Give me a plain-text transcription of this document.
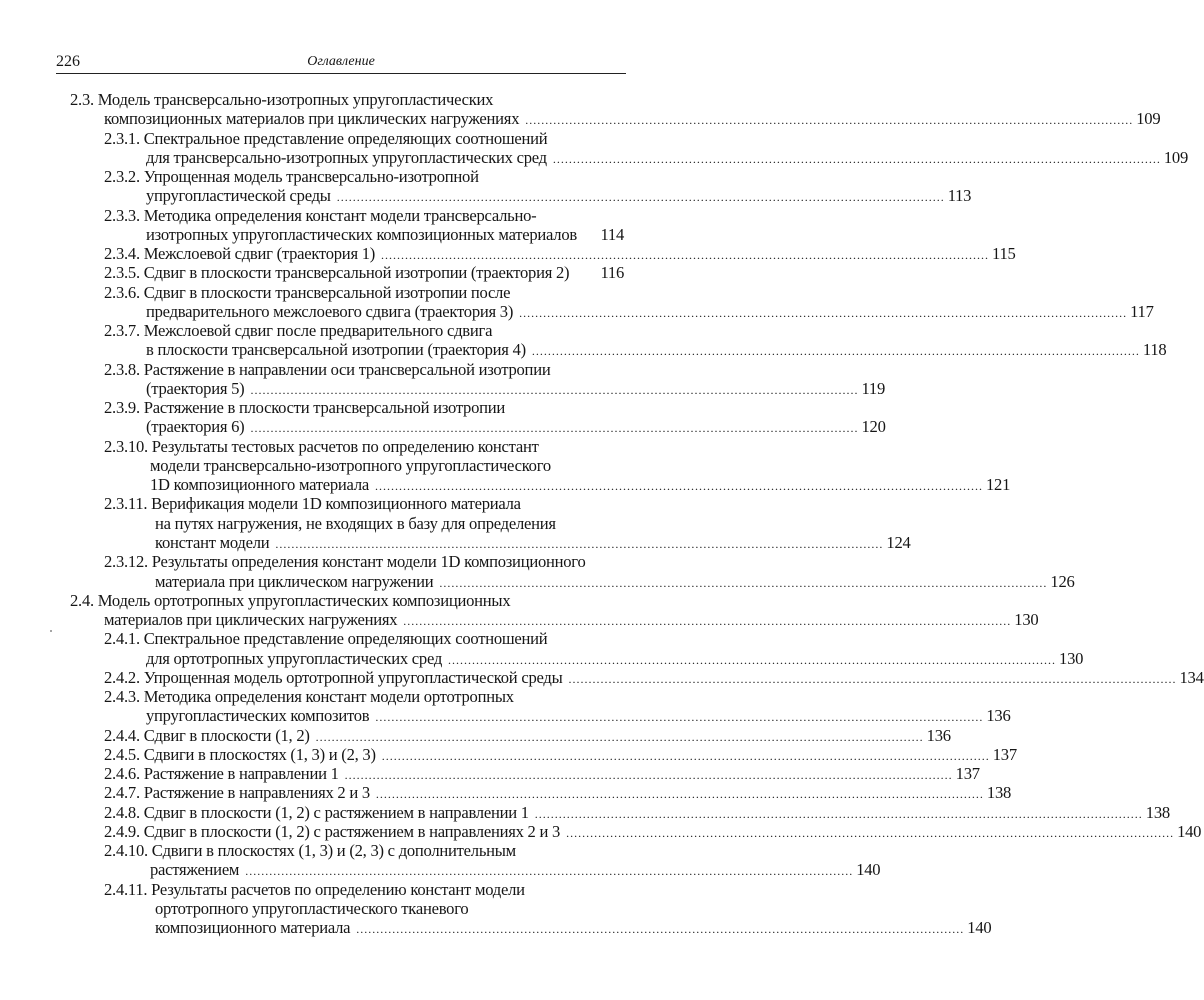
226	Оглавление
2.3. Модель трансверсально-изотропных упругопластических
композиционных материалов при циклических нагружениях .....	109
2.3.1. Спектральное представление определяющих соотношений
для трансверсально-изотропных упругопластических сред .....	109
2.3.2. Упрощенная модель трансверсально-изотропной
упругопластической среды .....	113
2.3.3. Методика определения констант модели трансверсально-
изотропных упругопластических композиционных материалов 114
2.3.4. Межслоевой сдвиг (траектория 1) .....	115
2.3.5. Сдвиг в плоскости трансверсальной изотропии (траектория 2) 116
2.3.6. Сдвиг в плоскости трансверсальной изотропии после
предварительного межслоевого сдвига (траектория 3) .....	117
2.3.7. Межслоевой сдвиг после предварительного сдвига
в плоскости трансверсальной изотропии (траектория 4) .....	118
2.3.8. Растяжение в направлении оси трансверсальной изотропии
(траектория 5) .....	119
2.3.9. Растяжение в плоскости трансверсальной изотропии
(траектория 6) .....	120
2.3.10. Результаты тестовых расчетов по определению констант
модели трансверсально-изотропного упругопластического
1D композиционного материала .....	121
2.3.11. Верификация модели 1D композиционного материала
на путях нагружения, не входящих в базу для определения
констант модели .....	124
2.3.12. Результаты определения констант модели 1D композиционного
материала при циклическом нагружении .....	126
2.4. Модель ортотропных упругопластических композиционных
материалов при циклических нагружениях .....	130
2.4.1. Спектральное представление определяющих соотношений
для ортотропных упругопластических сред .....	130
2.4.2. Упрощенная модель ортотропной упругопластической среды .....	134
2.4.3. Методика определения констант модели ортотропных
упругопластических композитов .....	136
2.4.4. Сдвиг в плоскости (1, 2) .....	136
2.4.5. Сдвиги в плоскостях (1, 3) и (2, 3) .....	137
2.4.6. Растяжение в направлении 1 .....	137
2.4.7. Растяжение в направлениях 2 и 3 .....	138
2.4.8. Сдвиг в плоскости (1, 2) с растяжением в направлении 1 .....	138
2.4.9. Сдвиг в плоскости (1, 2) с растяжением в направлениях 2 и 3 .....	140
2.4.10. Сдвиги в плоскостях (1, 3) и (2, 3) с дополнительным
растяжением .....	140
2.4.11. Результаты расчетов по определению констант модели
ортотропного упругопластического тканевого
композиционного материала .....	140
